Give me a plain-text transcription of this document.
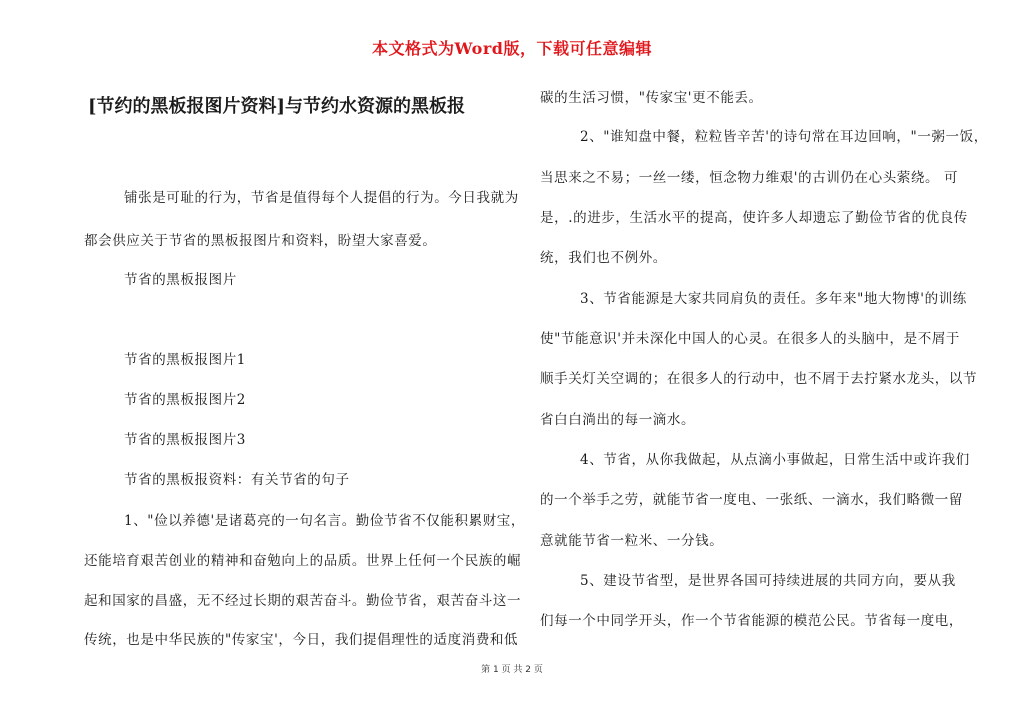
本文格式为Word版，下载可任意编辑
[节约的黑板报图片资料]与节约水资源的黑板报
铺张是可耻的行为，节省是值得每个人提倡的行为。今日我就为
都会供应关于节省的黑板报图片和资料，盼望大家喜爱。
节省的黑板报图片
节省的黑板报图片1
节省的黑板报图片2
节省的黑板报图片3
节省的黑板报资料：有关节省的句子
1、"俭以养德'是诸葛亮的一句名言。勤俭节省不仅能积累财宝，
还能培育艰苦创业的精神和奋勉向上的品质。世界上任何一个民族的崛
起和国家的昌盛，无不经过长期的艰苦奋斗。勤俭节省，艰苦奋斗这一
传统，也是中华民族的"传家宝'，今日，我们提倡理性的适度消费和低
碳的生活习惯，"传家宝'更不能丢。
2、"谁知盘中餐，粒粒皆辛苦'的诗句常在耳边回响，"一粥一饭，
当思来之不易；一丝一缕，恒念物力维艰'的古训仍在心头萦绕。 可
是，.的进步，生活水平的提高，使许多人却遗忘了勤俭节省的优良传
统，我们也不例外。
3、节省能源是大家共同肩负的责任。多年来"地大物博'的训练
使"节能意识'并未深化中国人的心灵。在很多人的头脑中，是不屑于
顺手关灯关空调的；在很多人的行动中，也不屑于去拧紧水龙头，以节
省白白淌出的每一滴水。
4、节省，从你我做起，从点滴小事做起，日常生活中或许我们
的一个举手之劳，就能节省一度电、一张纸、一滴水，我们略微一留
意就能节省一粒米、一分钱。
5、建设节省型，是世界各国可持续进展的共同方向，要从我
们每一个中同学开头，作一个节省能源的模范公民。节省每一度电，
第 1 页 共 2 页
